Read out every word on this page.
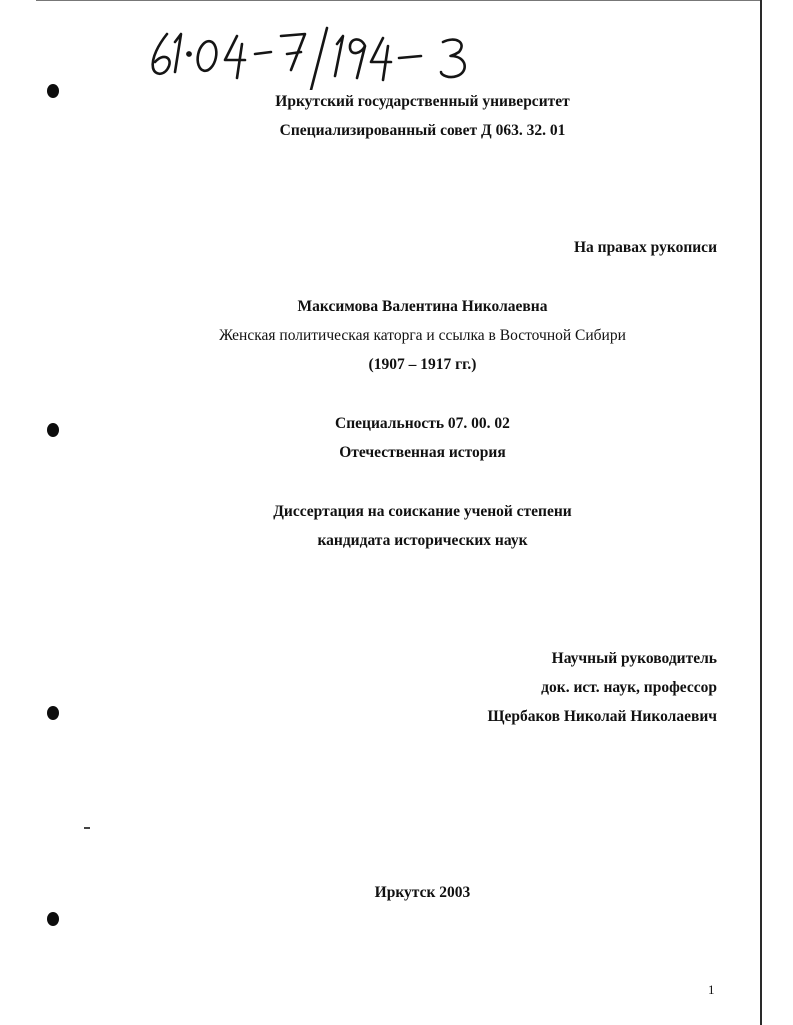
Иркутский государственный университет
Специализированный совет Д 063. 32. 01
На правах рукописи
Максимова Валентина Николаевна
Женская политическая каторга и ссылка в Восточной Сибири
(1907 – 1917 гг.)
Специальность 07. 00. 02
Отечественная история
Диссертация на соискание ученой степени
кандидата исторических наук
Научный руководитель
док. ист. наук, профессор
Щербаков Николай Николаевич
Иркутск 2003
1
